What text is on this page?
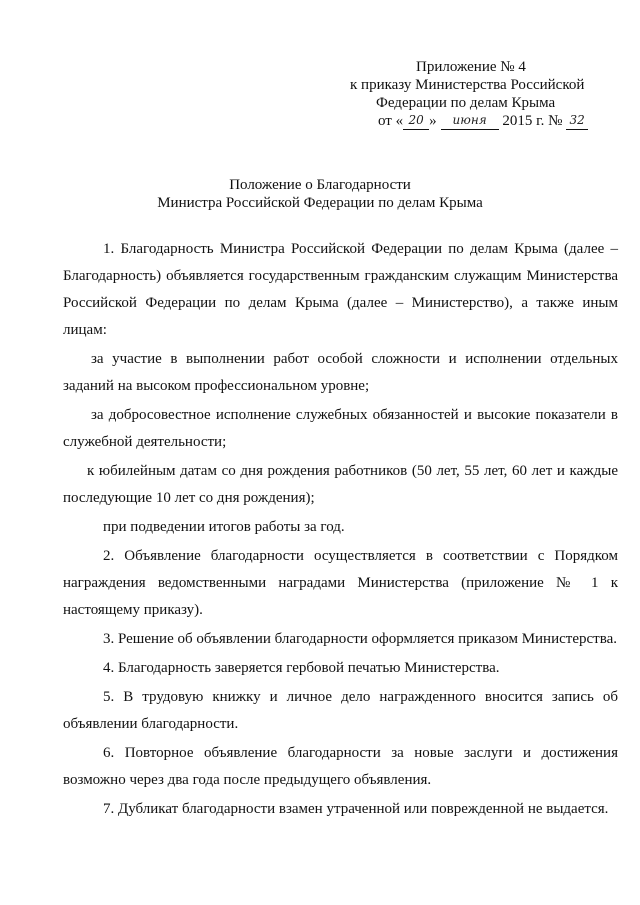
Приложение № 4
к приказу Министерства Российской
Федерации по делам Крыма
от « 20 » июня 2015 г. № 32
Положение о Благодарности
Министра Российской Федерации по делам Крыма

1. Благодарность Министра Российской Федерации по делам Крыма (далее – Благодарность) объявляется государственным гражданским служащим Министерства Российской Федерации по делам Крыма (далее – Министерство), а также иным лицам:

за участие в выполнении работ особой сложности и исполнении отдельных заданий на высоком профессиональном уровне;

за добросовестное исполнение служебных обязанностей и высокие показатели в служебной деятельности;

к юбилейным датам со дня рождения работников (50 лет, 55 лет, 60 лет и каждые последующие 10 лет со дня рождения);

при подведении итогов работы за год.

2. Объявление благодарности осуществляется в соответствии с Порядком награждения ведомственными наградами Министерства (приложение № 1 к настоящему приказу).

3. Решение об объявлении благодарности оформляется приказом Министерства.

4. Благодарность заверяется гербовой печатью Министерства.

5. В трудовую книжку и личное дело награжденного вносится запись об объявлении благодарности.

6. Повторное объявление благодарности за новые заслуги и достижения возможно через два года после предыдущего объявления.

7. Дубликат благодарности взамен утраченной или поврежденной не выдается.
